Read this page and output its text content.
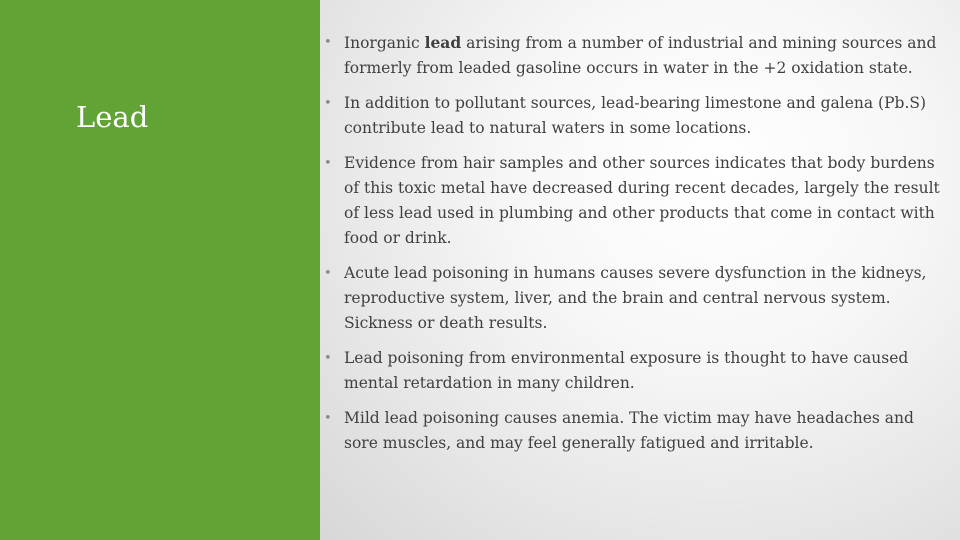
Lead
• Inorganic lead arising from a number of industrial and mining sources and formerly from leaded gasoline occurs in water in the +2 oxidation state.
• In addition to pollutant sources, lead-bearing limestone and galena (Pb.S) contribute lead to natural waters in some locations.
• Evidence from hair samples and other sources indicates that body burdens of this toxic metal have decreased during recent decades, largely the result of less lead used in plumbing and other products that come in contact with food or drink.
• Acute lead poisoning in humans causes severe dysfunction in the kidneys, reproductive system, liver, and the brain and central nervous system. Sickness or death results.
• Lead poisoning from environmental exposure is thought to have caused mental retardation in many children.
• Mild lead poisoning causes anemia. The victim may have headaches and sore muscles, and may feel generally fatigued and irritable.
